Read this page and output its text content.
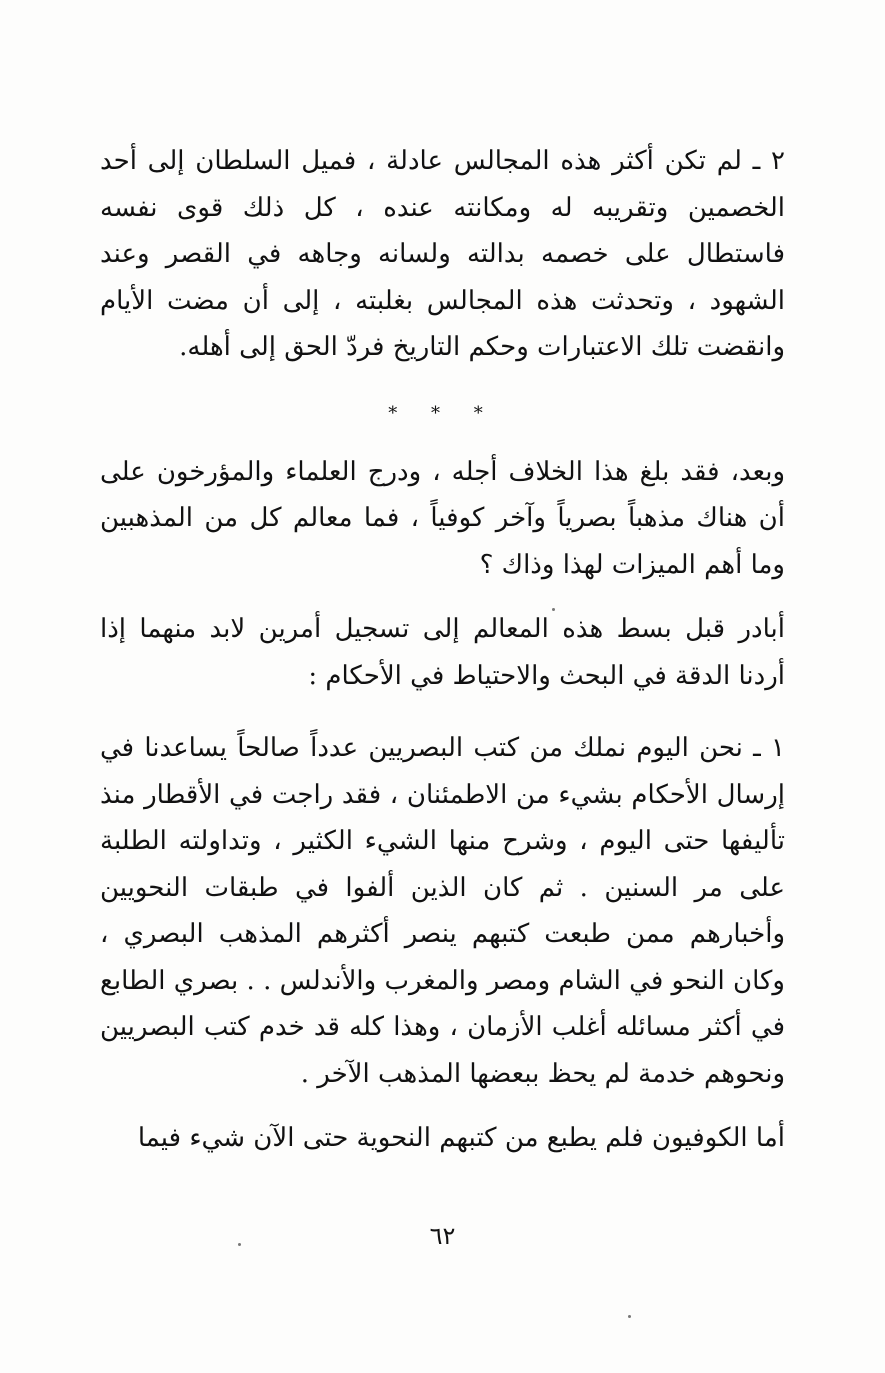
٢ ـ لم تكن أكثر هذه المجالس عادلة ، فميل السلطان إلى أحد الخصمين وتقريبه له ومكانته عنده ، كل ذلك قوى نفسه فاستطال على خصمه بدالته ولسانه وجاهه في القصر وعند الشهود ، وتحدثت هذه المجالس بغلبته ، إلى أن مضت الأيام وانقضت تلك الاعتبارات وحكم التاريخ فردّ الحق إلى أهله.

* * *

وبعد، فقد بلغ هذا الخلاف أجله ، ودرج العلماء والمؤرخون على أن هناك مذهباً بصرياً وآخر كوفياً ، فما معالم كل من المذهبين وما أهم الميزات لهذا وذاك ؟

أبادر قبل بسط هذه المعالم إلى تسجيل أمرين لابد منهما إذا أردنا الدقة في البحث والاحتياط في الأحكام :

١ ـ نحن اليوم نملك من كتب البصريين عدداً صالحاً يساعدنا في إرسال الأحكام بشيء من الاطمئنان ، فقد راجت في الأقطار منذ تأليفها حتى اليوم ، وشرح منها الشيء الكثير ، وتداولته الطلبة على مر السنين . ثم كان الذين ألفوا في طبقات النحويين وأخبارهم ممن طبعت كتبهم ينصر أكثرهم المذهب البصري ، وكان النحو في الشام ومصر والمغرب والأندلس . . بصري الطابع في أكثر مسائله أغلب الأزمان ، وهذا كله قد خدم كتب البصريين ونحوهم خدمة لم يحظ ببعضها المذهب الآخر .

أما الكوفيون فلم يطبع من كتبهم النحوية حتى الآن شيء فيما

٦٢
